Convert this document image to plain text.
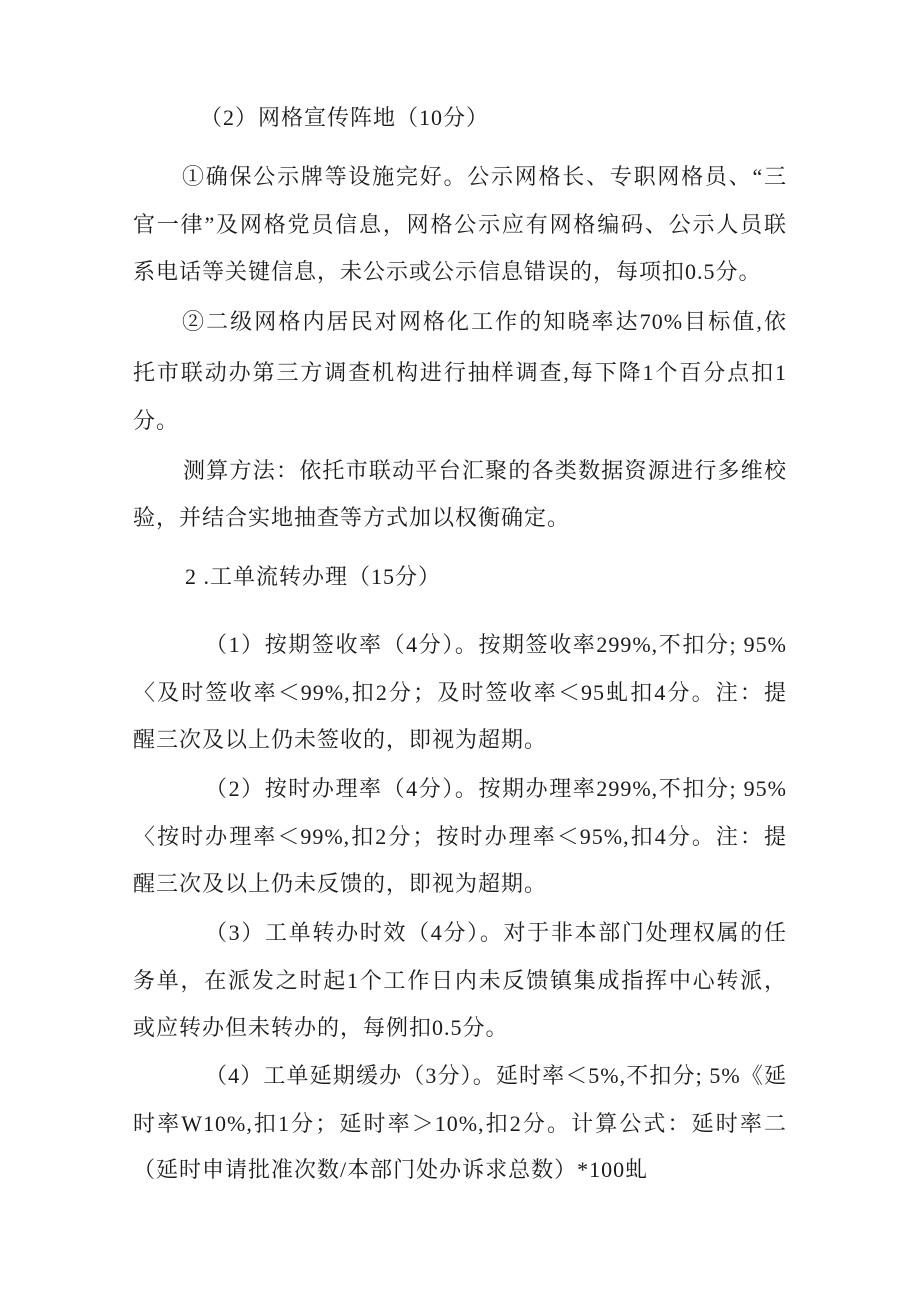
（2）网格宣传阵地（10分）
①确保公示牌等设施完好。公示网格长、专职网格员、“三
官一律”及网格党员信息，网格公示应有网格编码、公示人员联
系电话等关键信息，未公示或公示信息错误的，每项扣0.5分。
②二级网格内居民对网格化工作的知晓率达70%目标值,依
托市联动办第三方调查机构进行抽样调查,每下降1个百分点扣1
分。
测算方法：依托市联动平台汇聚的各类数据资源进行多维校
验，并结合实地抽查等方式加以权衡确定。
2 .工单流转办理（15分）
（1）按期签收率（4分）。按期签收率299%,不扣分; 95%
〈及时签收率＜99%,扣2分；及时签收率＜95虬扣4分。注：提
醒三次及以上仍未签收的，即视为超期。
（2）按时办理率（4分）。按期办理率299%,不扣分; 95%
〈按时办理率＜99%,扣2分；按时办理率＜95%,扣4分。注：提
醒三次及以上仍未反馈的，即视为超期。
（3）工单转办时效（4分）。对于非本部门处理权属的任
务单，在派发之时起1个工作日内未反馈镇集成指挥中心转派，
或应转办但未转办的，每例扣0.5分。
（4）工单延期缓办（3分）。延时率＜5%,不扣分; 5%《延
时率W10%,扣1分；延时率＞10%,扣2分。计算公式：延时率二
（延时申请批准次数/本部门处办诉求总数）*100虬
